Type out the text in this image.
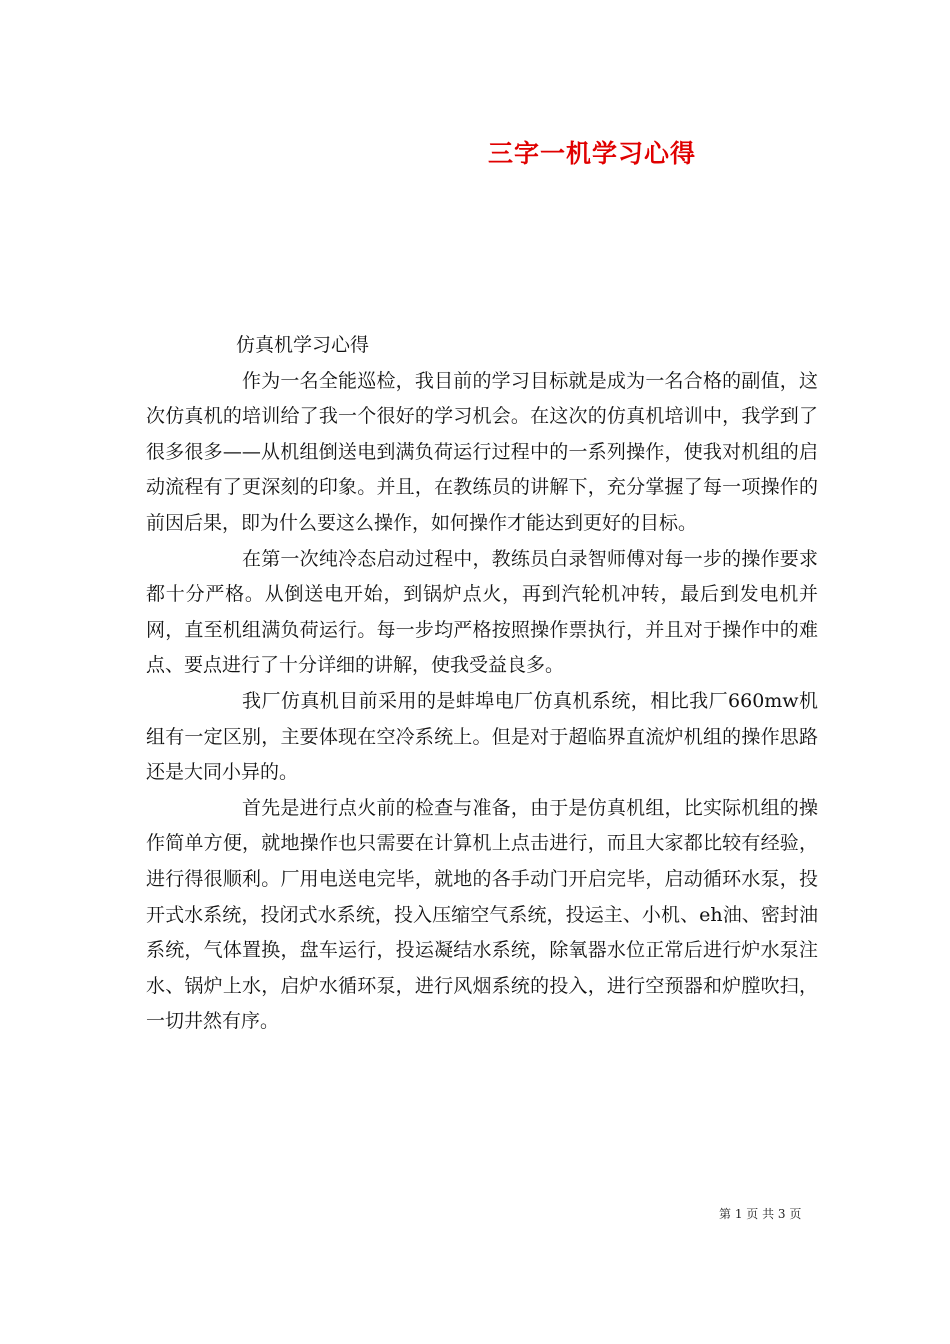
三字一机学习心得

仿真机学习心得

作为一名全能巡检，我目前的学习目标就是成为一名合格的副值，这次仿真机的培训给了我一个很好的学习机会。在这次的仿真机培训中，我学到了很多很多——从机组倒送电到满负荷运行过程中的一系列操作，使我对机组的启动流程有了更深刻的印象。并且，在教练员的讲解下，充分掌握了每一项操作的前因后果，即为什么要这么操作，如何操作才能达到更好的目标。

在第一次纯冷态启动过程中，教练员白录智师傅对每一步的操作要求都十分严格。从倒送电开始，到锅炉点火，再到汽轮机冲转，最后到发电机并网，直至机组满负荷运行。每一步均严格按照操作票执行，并且对于操作中的难点、要点进行了十分详细的讲解，使我受益良多。

我厂仿真机目前采用的是蚌埠电厂仿真机系统，相比我厂660mw机组有一定区别，主要体现在空冷系统上。但是对于超临界直流炉机组的操作思路还是大同小异的。

首先是进行点火前的检查与准备，由于是仿真机组，比实际机组的操作简单方便，就地操作也只需要在计算机上点击进行，而且大家都比较有经验，进行得很顺利。厂用电送电完毕，就地的各手动门开启完毕，启动循环水泵，投开式水系统，投闭式水系统，投入压缩空气系统，投运主、小机、eh油、密封油系统，气体置换，盘车运行，投运凝结水系统，除氧器水位正常后进行炉水泵注水、锅炉上水，启炉水循环泵，进行风烟系统的投入，进行空预器和炉膛吹扫，一切井然有序。

第 1 页 共 3 页
